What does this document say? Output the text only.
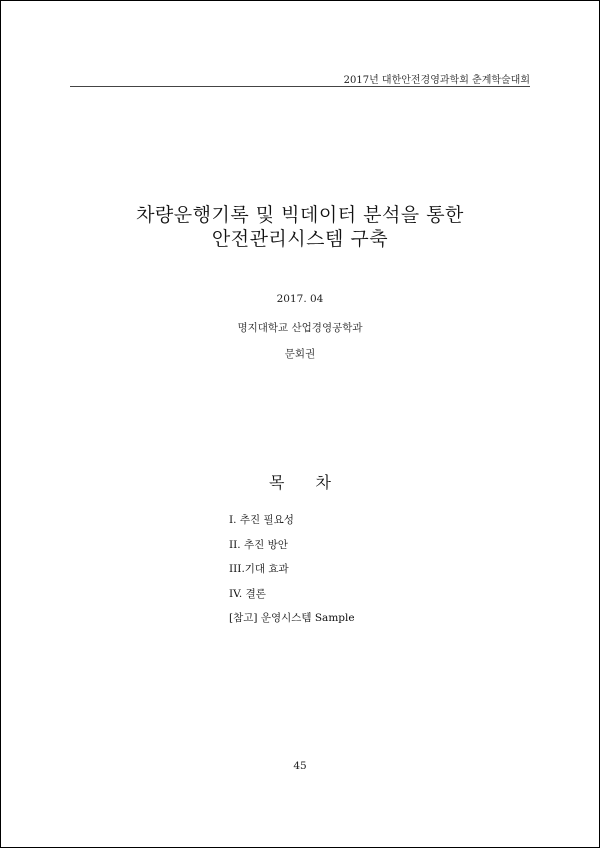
2017년 대한안전경영과학회 춘계학술대회
차량운행기록 및 빅데이터 분석을 통한
안전관리시스템 구축
2017. 04
명지대학교 산업경영공학과
문회권
목 차
I. 추진 필요성
II. 추진 방안
III.기대 효과
IV. 결론
[참고] 운영시스템 Sample
45
